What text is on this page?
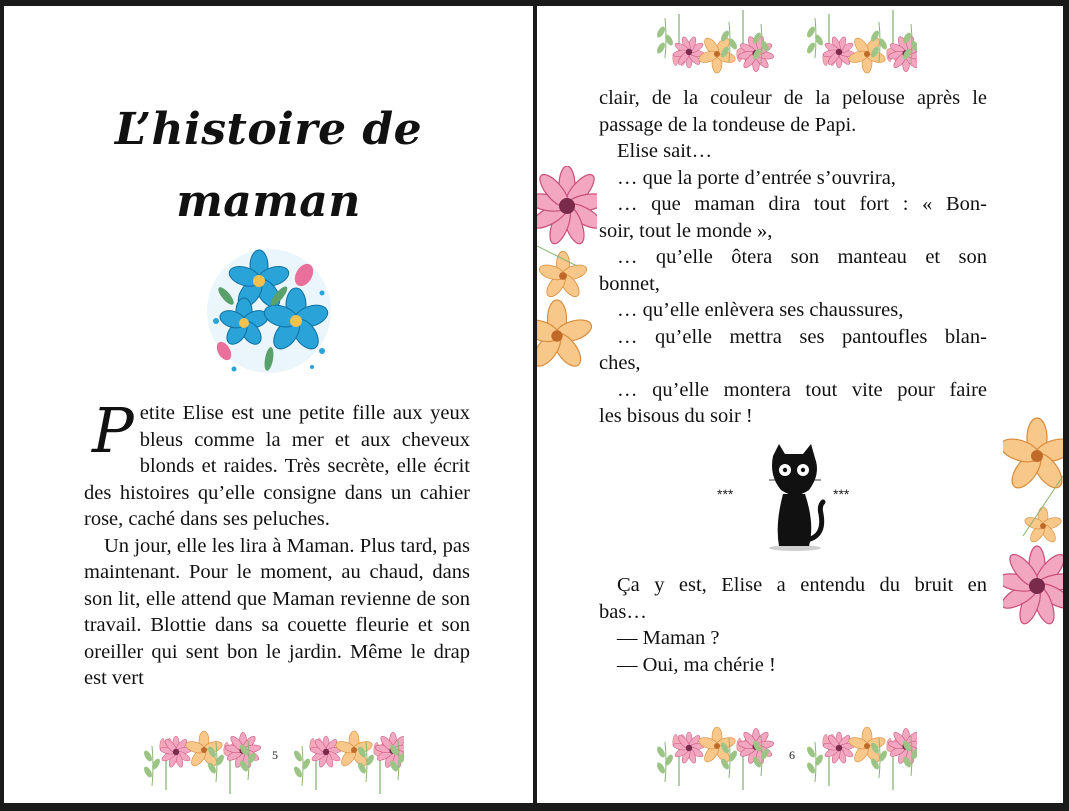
L’histoire de
maman

Petite Elise est une petite fille aux yeux bleus comme la mer et aux cheveux blonds et raides. Très secrète, elle écrit des histoires qu’elle consigne dans un cahier rose, caché dans ses peluches.

Un jour, elle les lira à Maman. Plus tard, pas maintenant. Pour le moment, au chaud, dans son lit, elle attend que Maman revienne de son travail. Blottie dans sa couette fleurie et son oreiller qui sent bon le jardin. Même le drap est vert

5
clair, de la couleur de la pelouse après le
passage de la tondeuse de Papi.
Elise sait…
… que la porte d’entrée s’ouvrira,
… que maman dira tout fort : « Bon-
soir, tout le monde »,
… qu’elle ôtera son manteau et son
bonnet,
… qu’elle enlèvera ses chaussures,
… qu’elle mettra ses pantoufles blan-
ches,
… qu’elle montera tout vite pour faire
les bisous du soir !
***	***
Ça y est, Elise a entendu du bruit en
bas…
— Maman ?
— Oui, ma chérie !
6
